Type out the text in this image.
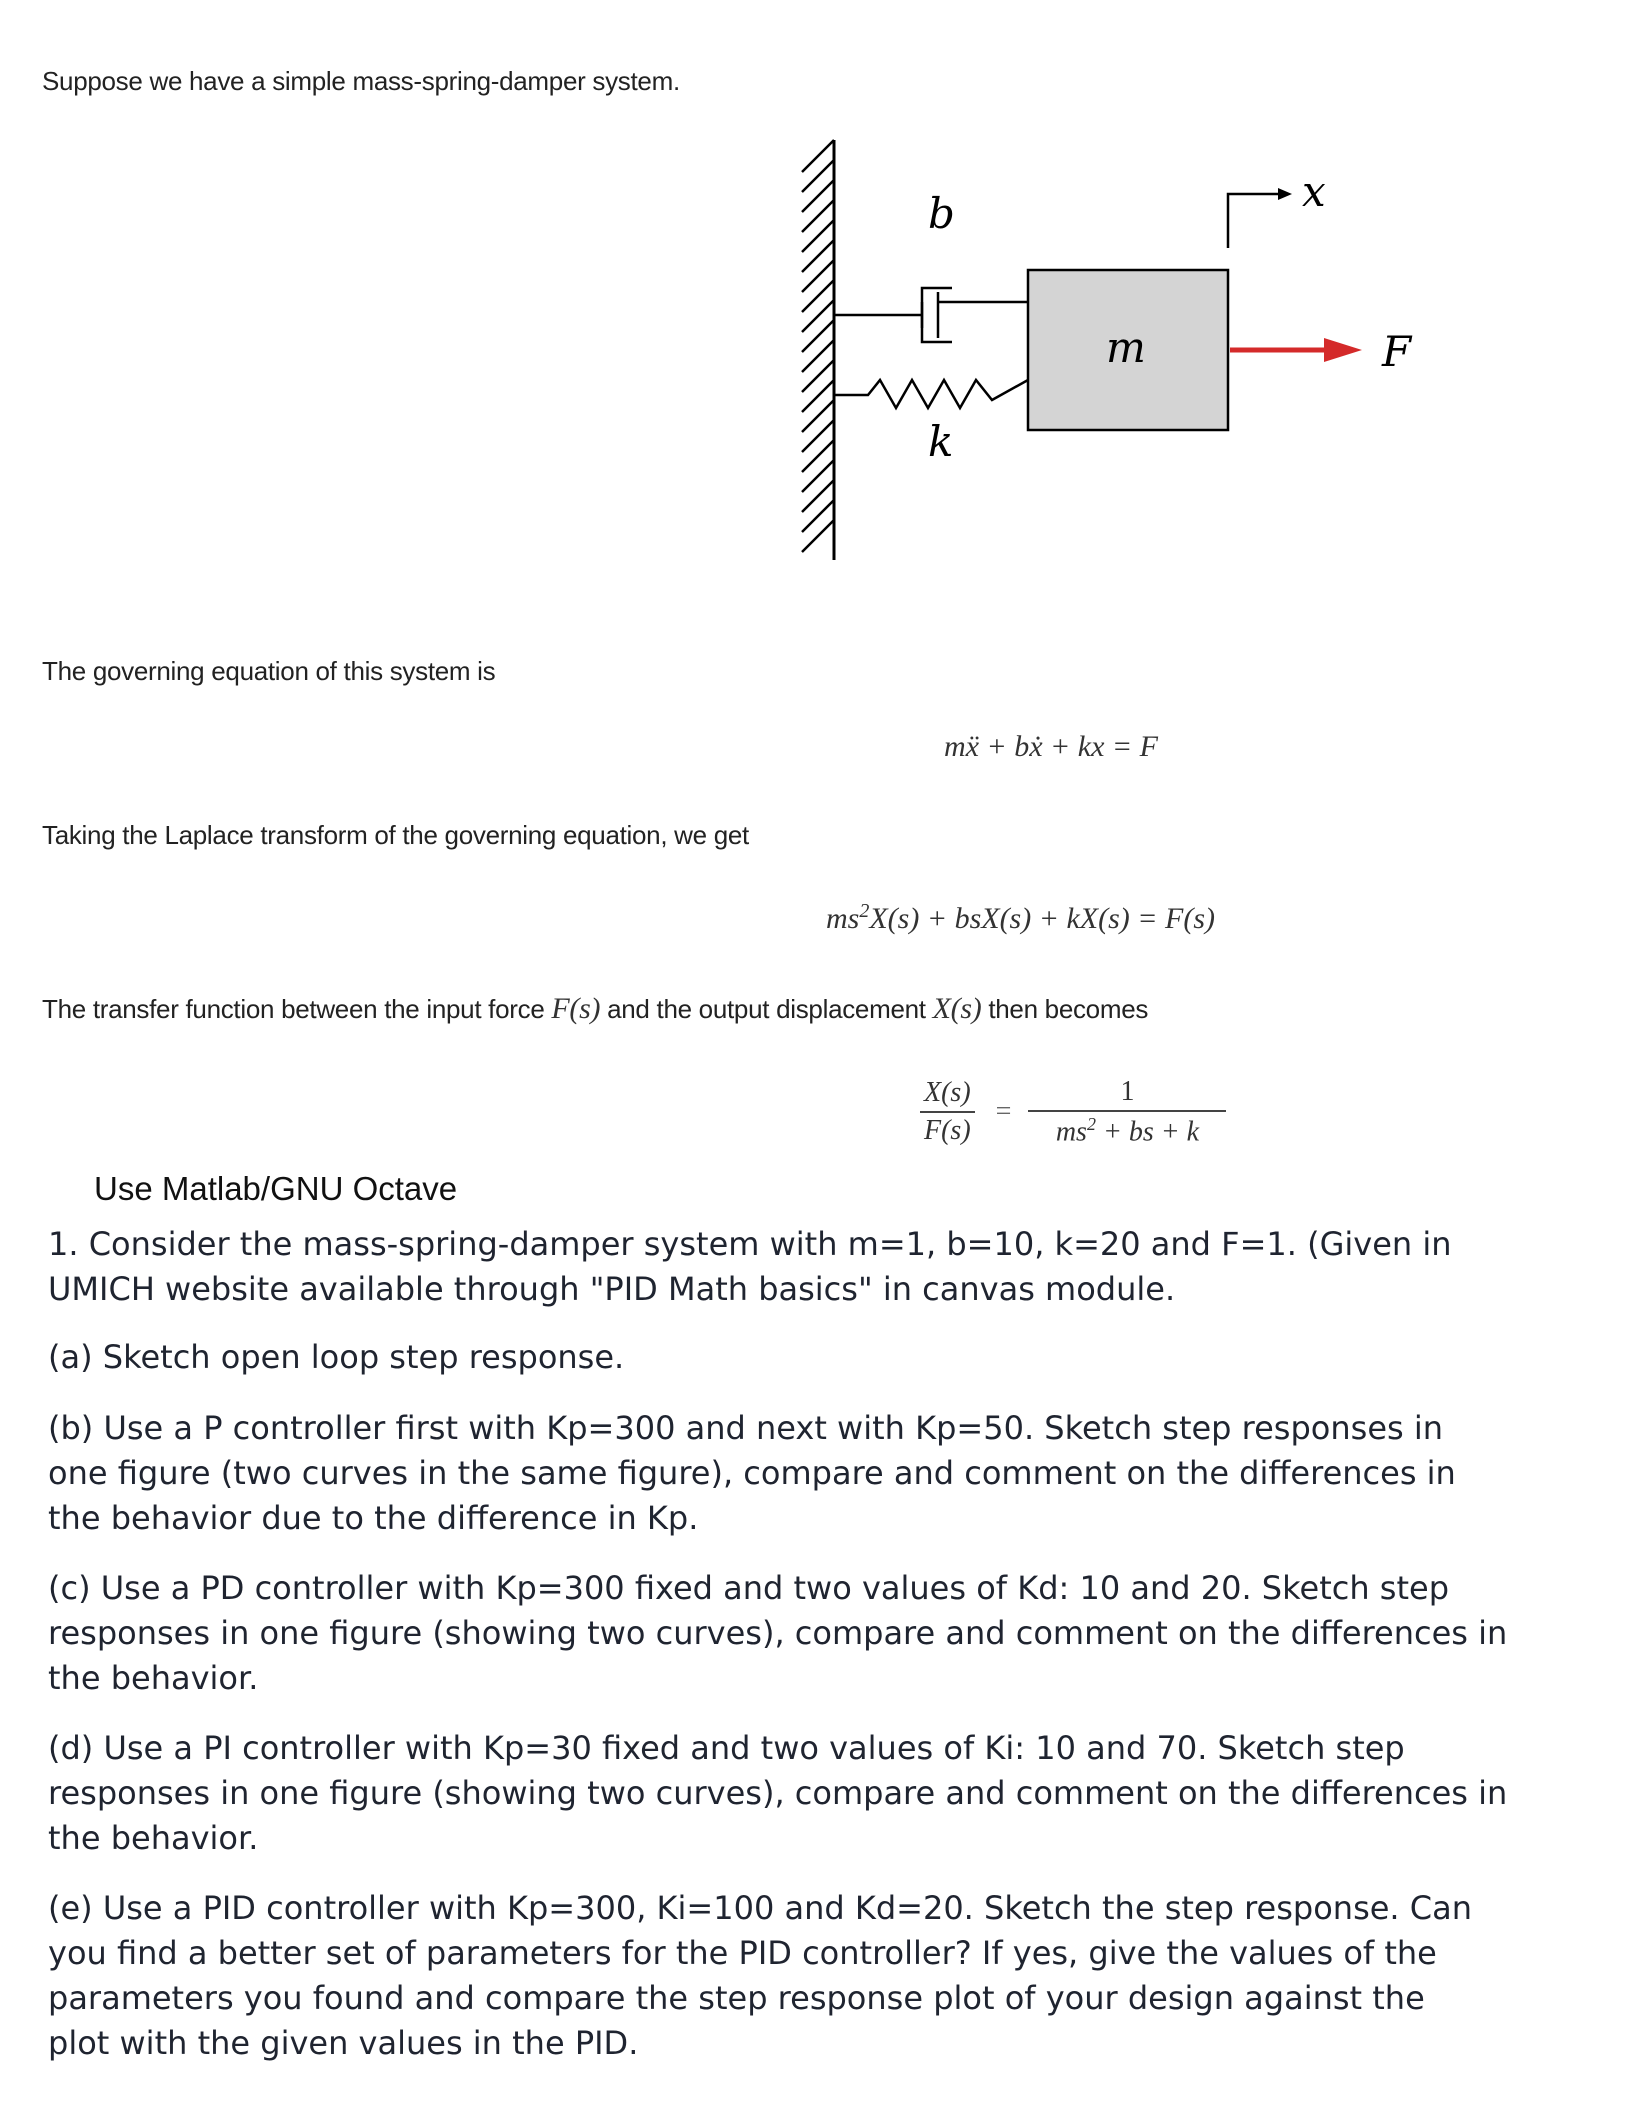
Suppose we have a simple mass-spring-damper system.
b
k
m	F
x
The governing equation of this system is
mẍ + bẋ + kx = F
Taking the Laplace transform of the governing equation, we get
$ms^2X(s) + bsX(s) + kX(s) = F(s)$
The transfer function between the input force F(s) and the output displacement X(s) then becomes
$\frac{X(s)}{F(s)} = \frac{1}{ms^2 + bs + k}$
Use Matlab/GNU Octave
1. Consider the mass-spring-damper system with m=1, b=10, k=20 and F=1. (Given in UMICH website available through "PID Math basics" in canvas module.
(a) Sketch open loop step response.
(b) Use a P controller first with Kp=300 and next with Kp=50. Sketch step responses in one figure (two curves in the same figure), compare and comment on the differences in the behavior due to the difference in Kp.
(c) Use a PD controller with Kp=300 fixed and two values of Kd: 10 and 20. Sketch step responses in one figure (showing two curves), compare and comment on the differences in the behavior.
(d) Use a PI controller with Kp=30 fixed and two values of Ki: 10 and 70. Sketch step responses in one figure (showing two curves), compare and comment on the differences in the behavior.
(e) Use a PID controller with Kp=300, Ki=100 and Kd=20. Sketch the step response. Can you find a better set of parameters for the PID controller? If yes, give the values of the parameters you found and compare the step response plot of your design against the plot with the given values in the PID.
